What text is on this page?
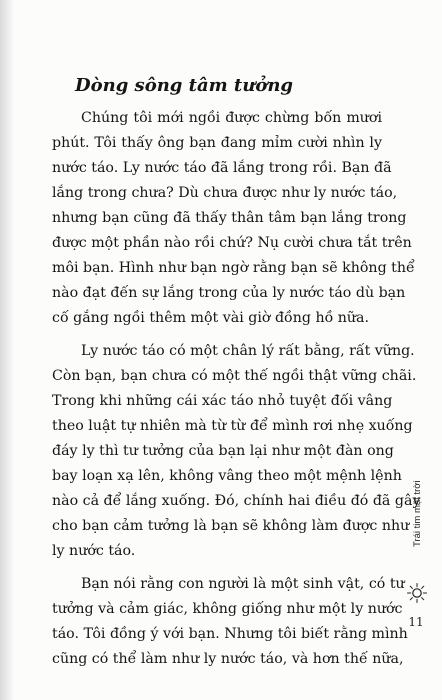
Dòng sông tâm tưởng
Chúng tôi mới ngồi được chừng bốn mươi
phút. Tôi thấy ông bạn đang mỉm cười nhìn ly
nước táo. Ly nước táo đã lắng trong rồi. Bạn đã
lắng trong chưa? Dù chưa được như ly nước táo,
nhưng bạn cũng đã thấy thân tâm bạn lắng trong
được một phần nào rồi chứ? Nụ cười chưa tắt trên
môi bạn. Hình như bạn ngờ rằng bạn sẽ không thể
nào đạt đến sự lắng trong của ly nước táo dù bạn
cố gắng ngồi thêm một vài giờ đồng hồ nữa.
Ly nước táo có một chân lý rất bằng, rất vững.
Còn bạn, bạn chưa có một thế ngồi thật vững chãi.
Trong khi những cái xác táo nhỏ tuyệt đối vâng
theo luật tự nhiên mà từ từ để mình rơi nhẹ xuống
đáy ly thì tư tưởng của bạn lại như một đàn ong
bay loạn xạ lên, không vâng theo một mệnh lệnh
nào cả để lắng xuống. Đó, chính hai điều đó đã gây
cho bạn cảm tưởng là bạn sẽ không làm được như
ly nước táo.
Bạn nói rằng con người là một sinh vật, có tư
tưởng và cảm giác, không giống như một ly nước
táo. Tôi đồng ý với bạn. Nhưng tôi biết rằng mình
cũng có thể làm như ly nước táo, và hơn thế nữa,
Trái tim mặt trời
11
